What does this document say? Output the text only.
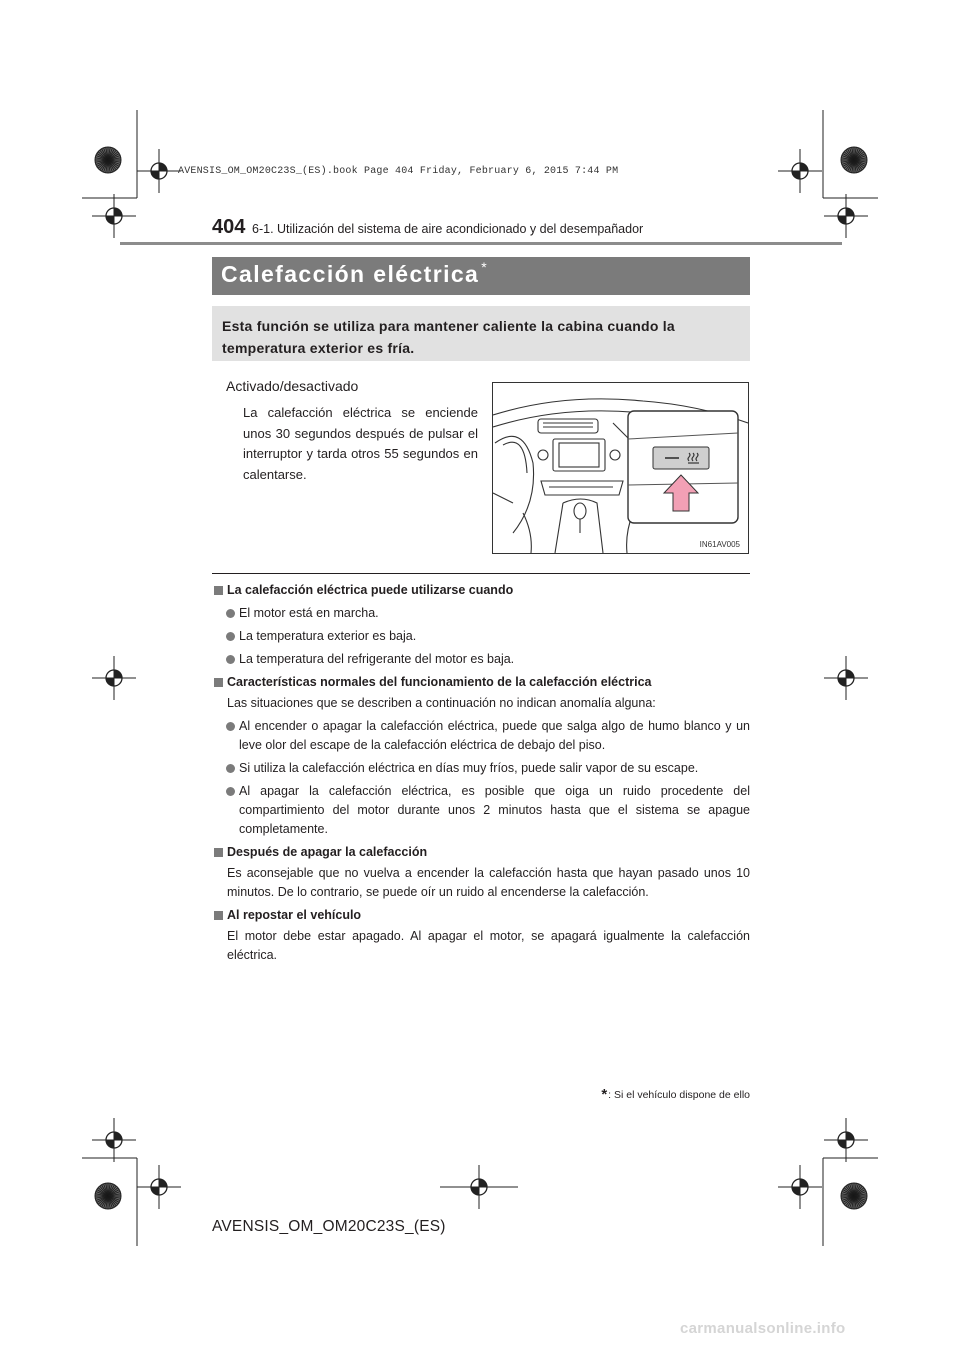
AVENSIS_OM_OM20C23S_(ES).book Page 404 Friday, February 6, 2015 7:44 PM
404 6-1. Utilización del sistema de aire acondicionado y del desempañador
Calefacción eléctrica *
Esta función se utiliza para mantener caliente la cabina cuando la temperatura exterior es fría.
Activado/desactivado
La calefacción eléctrica se enciende unos 30 segundos después de pulsar el interruptor y tarda otros 55 segundos en calentarse.
IN61AV005
La calefacción eléctrica puede utilizarse cuando
El motor está en marcha.
La temperatura exterior es baja.
La temperatura del refrigerante del motor es baja.
Características normales del funcionamiento de la calefacción eléctrica
Las situaciones que se describen a continuación no indican anomalía alguna:
Al encender o apagar la calefacción eléctrica, puede que salga algo de humo blanco y un leve olor del escape de la calefacción eléctrica de debajo del piso.
Si utiliza la calefacción eléctrica en días muy fríos, puede salir vapor de su escape.
Al apagar la calefacción eléctrica, es posible que oiga un ruido procedente del compartimiento del motor durante unos 2 minutos hasta que el sistema se apague completamente.
Después de apagar la calefacción
Es aconsejable que no vuelva a encender la calefacción hasta que hayan pasado unos 10 minutos. De lo contrario, se puede oír un ruido al encenderse la calefacción.
Al repostar el vehículo
El motor debe estar apagado. Al apagar el motor, se apagará igualmente la calefacción eléctrica.
*: Si el vehículo dispone de ello
AVENSIS_OM_OM20C23S_(ES)
carmanualsonline.info
